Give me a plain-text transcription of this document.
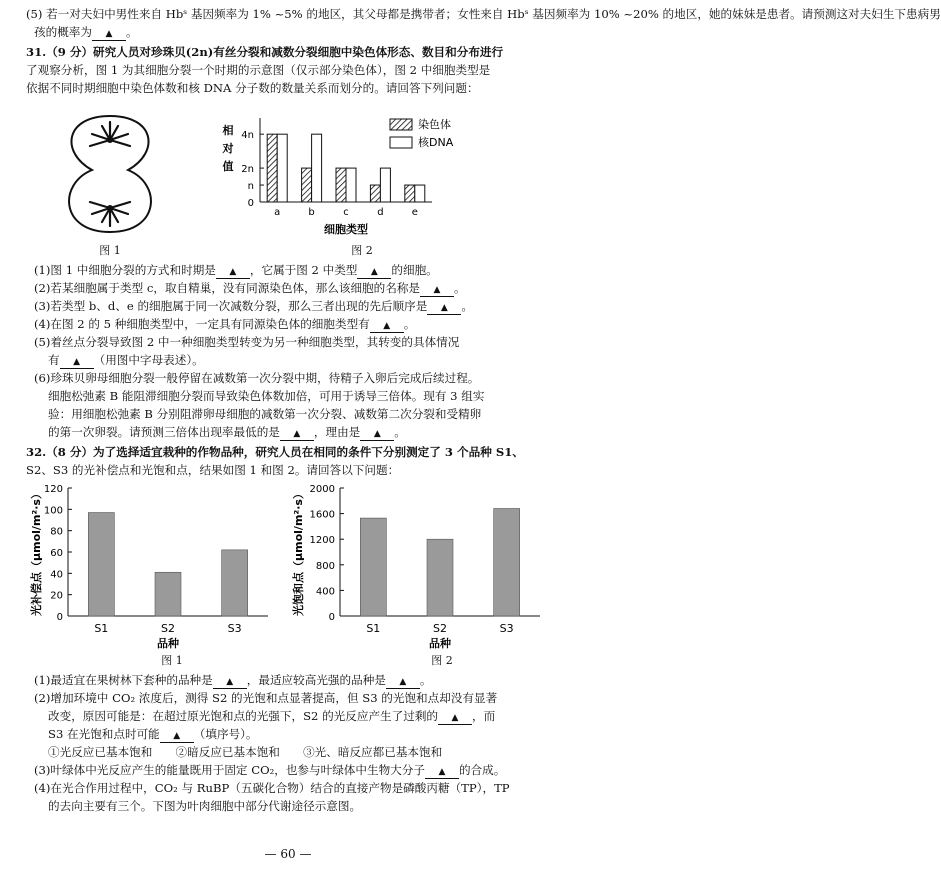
(5) 若一对夫妇中男性来自 Hbˢ 基因频率为 1% ~5% 的地区，其父母都是携带者；女性来自 Hbˢ 基因频率为 10% ~20% 的地区，她的妹妹是患者。请预测这对夫妇生下患病男
孩的概率为 ▲ 。
31.（9 分）研究人员对珍珠贝(2n)有丝分裂和减数分裂细胞中染色体形态、数目和分布进行
了观察分析，图 1 为其细胞分裂一个时期的示意图（仅示部分染色体），图 2 中细胞类型是
依据不同时期细胞中染色体数和核 DNA 分子数的数量关系而划分的。请回答下列问题：
图 1
0
n
2n
4n
相
对
值
a	b	c	d	e
细胞类型
染色体
核DNA
图 2
(1)图 1 中细胞分裂的方式和时期是 ▲ ，它属于图 2 中类型 ▲ 的细胞。
(2)若某细胞属于类型 c，取自精巢，没有同源染色体，那么该细胞的名称是 ▲ 。
(3)若类型 b、d、e 的细胞属于同一次减数分裂，那么三者出现的先后顺序是 ▲ 。
(4)在图 2 的 5 种细胞类型中，一定具有同源染色体的细胞类型有 ▲ 。
(5)着丝点分裂导致图 2 中一种细胞类型转变为另一种细胞类型，其转变的具体情况
有 ▲ （用图中字母表述）。
(6)珍珠贝卵母细胞分裂一般停留在减数第一次分裂中期，待精子入卵后完成后续过程。
细胞松弛素 B 能阻滞细胞分裂而导致染色体数加倍，可用于诱导三倍体。现有 3 组实
验：用细胞松弛素 B 分别阻滞卵母细胞的减数第一次分裂、减数第二次分裂和受精卵
的第一次卵裂。请预测三倍体出现率最低的是 ▲ ，理由是 ▲ 。
32.（8 分）为了选择适宜栽种的作物品种，研究人员在相同的条件下分别测定了 3 个品种 S1、
S2、S3 的光补偿点和光饱和点，结果如图 1 和图 2。请回答以下问题：
0
20
40
60
80
100
120
光补偿点（μmol/m²·s）
S1	S2	S3
品种
图 1
0
400
800
1200
1600
2000
光饱和点（μmol/m²·s）
S1	S2	S3
品种
图 2
(1)最适宜在果树林下套种的品种是 ▲ ，最适应较高光强的品种是 ▲ 。
(2)增加环境中 CO₂ 浓度后，测得 S2 的光饱和点显著提高，但 S3 的光饱和点却没有显著
改变，原因可能是：在超过原光饱和点的光强下，S2 的光反应产生了过剩的 ▲ ，而
S3 在光饱和点时可能 ▲ （填序号）。
①光反应已基本饱和　　②暗反应已基本饱和　　③光、暗反应都已基本饱和
(3)叶绿体中光反应产生的能量既用于固定 CO₂，也参与叶绿体中生物大分子 ▲ 的合成。
(4)在光合作用过程中，CO₂ 与 RuBP（五碳化合物）结合的直接产物是磷酸丙糖（TP），TP
的去向主要有三个。下图为叶肉细胞中部分代谢途径示意图。
— 60 —
